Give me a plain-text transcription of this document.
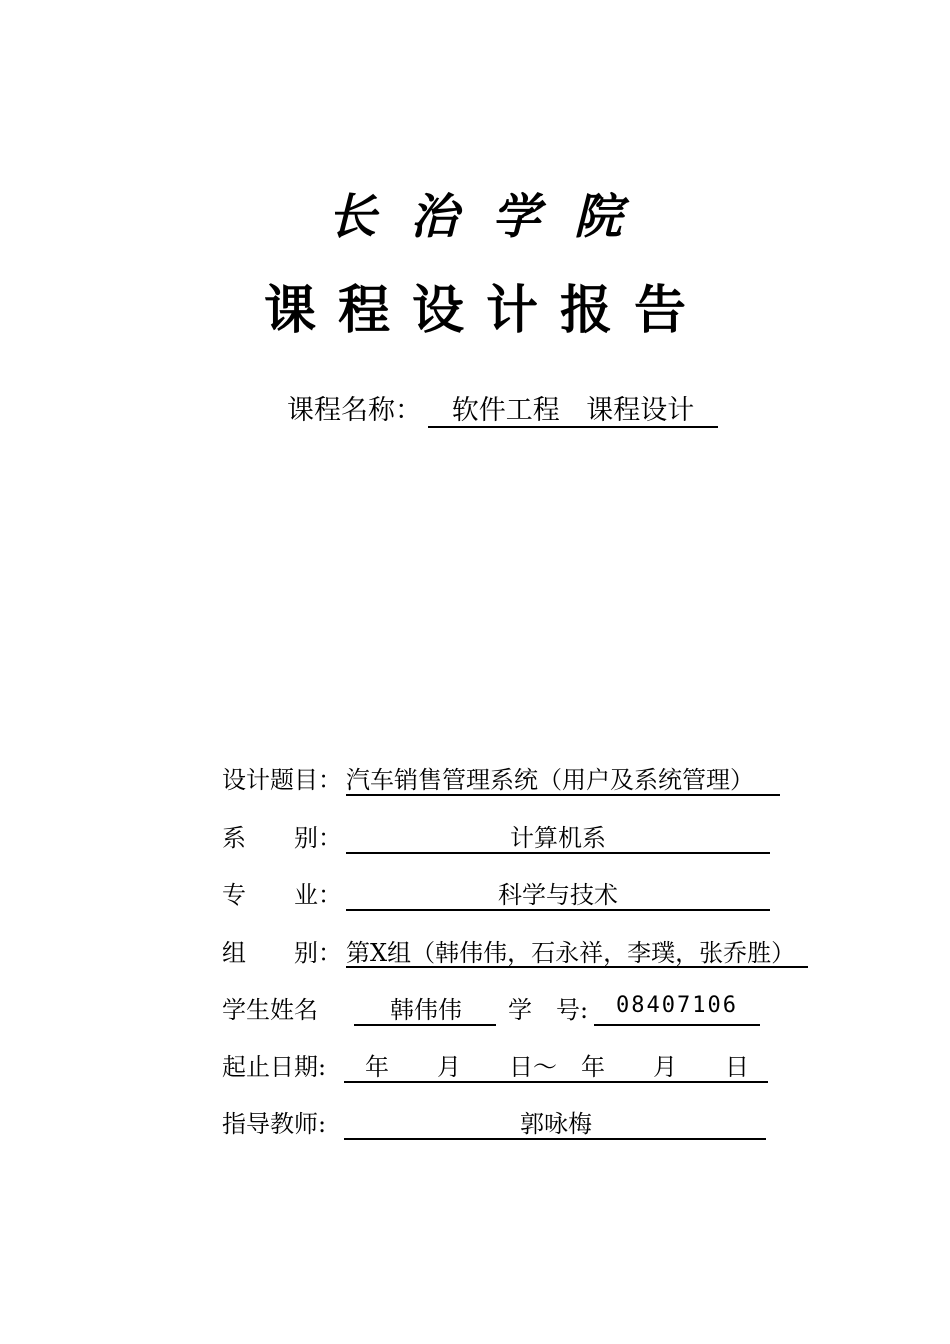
长治学院
课程设计报告
课程名称：	软件工程 课程设计
设计题目： 汽车销售管理系统（用户及系统管理）
系　　别：	计算机系
专　　业：	科学与技术
组　　别： 第Ⅹ组（韩伟伟，石永祥，李璞，张乔胜）
学生姓名	韩伟伟	学　号:	08407106
起止日期:	年　　月　　日～　年　　月　　日
指导教师:	郭咏梅
